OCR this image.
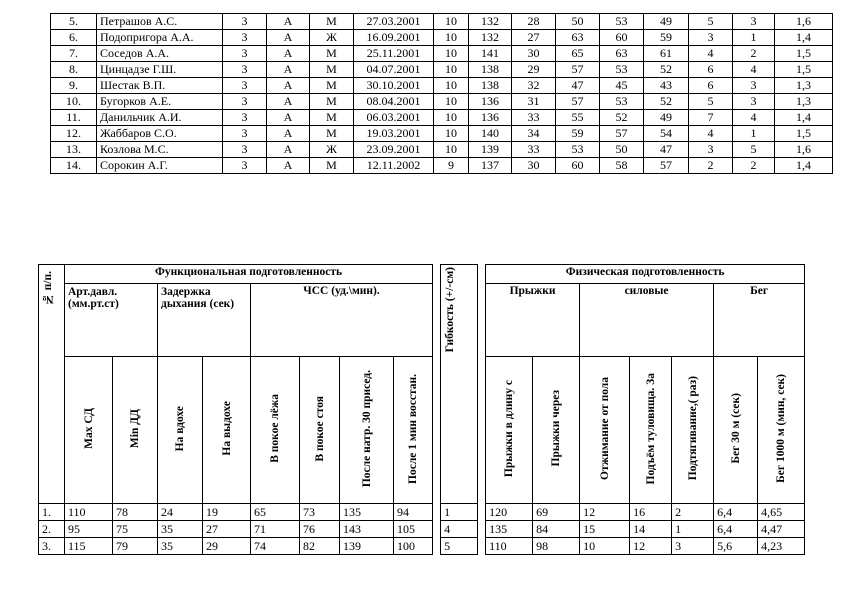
5.	Петрашов А.С.	3	А	М	27.03.2001	10	132	28	50	53	49	5	3	1,6
6.	Подопригора А.А.	3	А	Ж	16.09.2001	10	132	27	63	60	59	3	1	1,4
7.	Соседов А.А.	3	А	М	25.11.2001	10	141	30	65	63	61	4	2	1,5
8.	Цинцадзе Г.Ш.	3	А	М	04.07.2001	10	138	29	57	53	52	6	4	1,5
9.	Шестак В.П.	3	А	М	30.10.2001	10	138	32	47	45	43	6	3	1,3
10.	Бугорков А.Е.	3	А	М	08.04.2001	10	136	31	57	53	52	5	3	1,3
11.	Данильчик А.И.	3	А	М	06.03.2001	10	136	33	55	52	49	7	4	1,4
12.	Жаббаров С.О.	3	А	М	19.03.2001	10	140	34	59	57	54	4	1	1,5
13.	Козлова М.С.	3	А	Ж	23.09.2001	10	139	33	53	50	47	3	5	1,6
14.	Сорокин А.Г.	3	А	М	12.11.2002	9	137	30	60	58	57	2	2	1,4
№ п/п.	Функциональная подготовленность									Гибкость (+/-см)		Физическая подготовленность						
	Арт.давл. (мм.рт.ст)		Задержка дыхания (сек)		ЧСС (уд.\мин).							Прыжки		силовые			Бег	
	Max СД	Min ДД	На вдохе	На выдохе	В покое лёжа	В покое стоя	После натр. 30 присед.	После 1 мин восстан.				Прыжки в длину с	Прыжки через	Отжимание от пола	Подъём туловища. За	Подтягивание,( раз)	Бег 30 м (сек)	Бег 1000 м (мин, сек)
1.	110	78	24	19	65	73	135	94		1		120	69	12	16	2	6,4	4,65
2.	95	75	35	27	71	76	143	105		4		135	84	15	14	1	6,4	4,47
3.	115	79	35	29	74	82	139	100		5		110	98	10	12	3	5,6	4,23
